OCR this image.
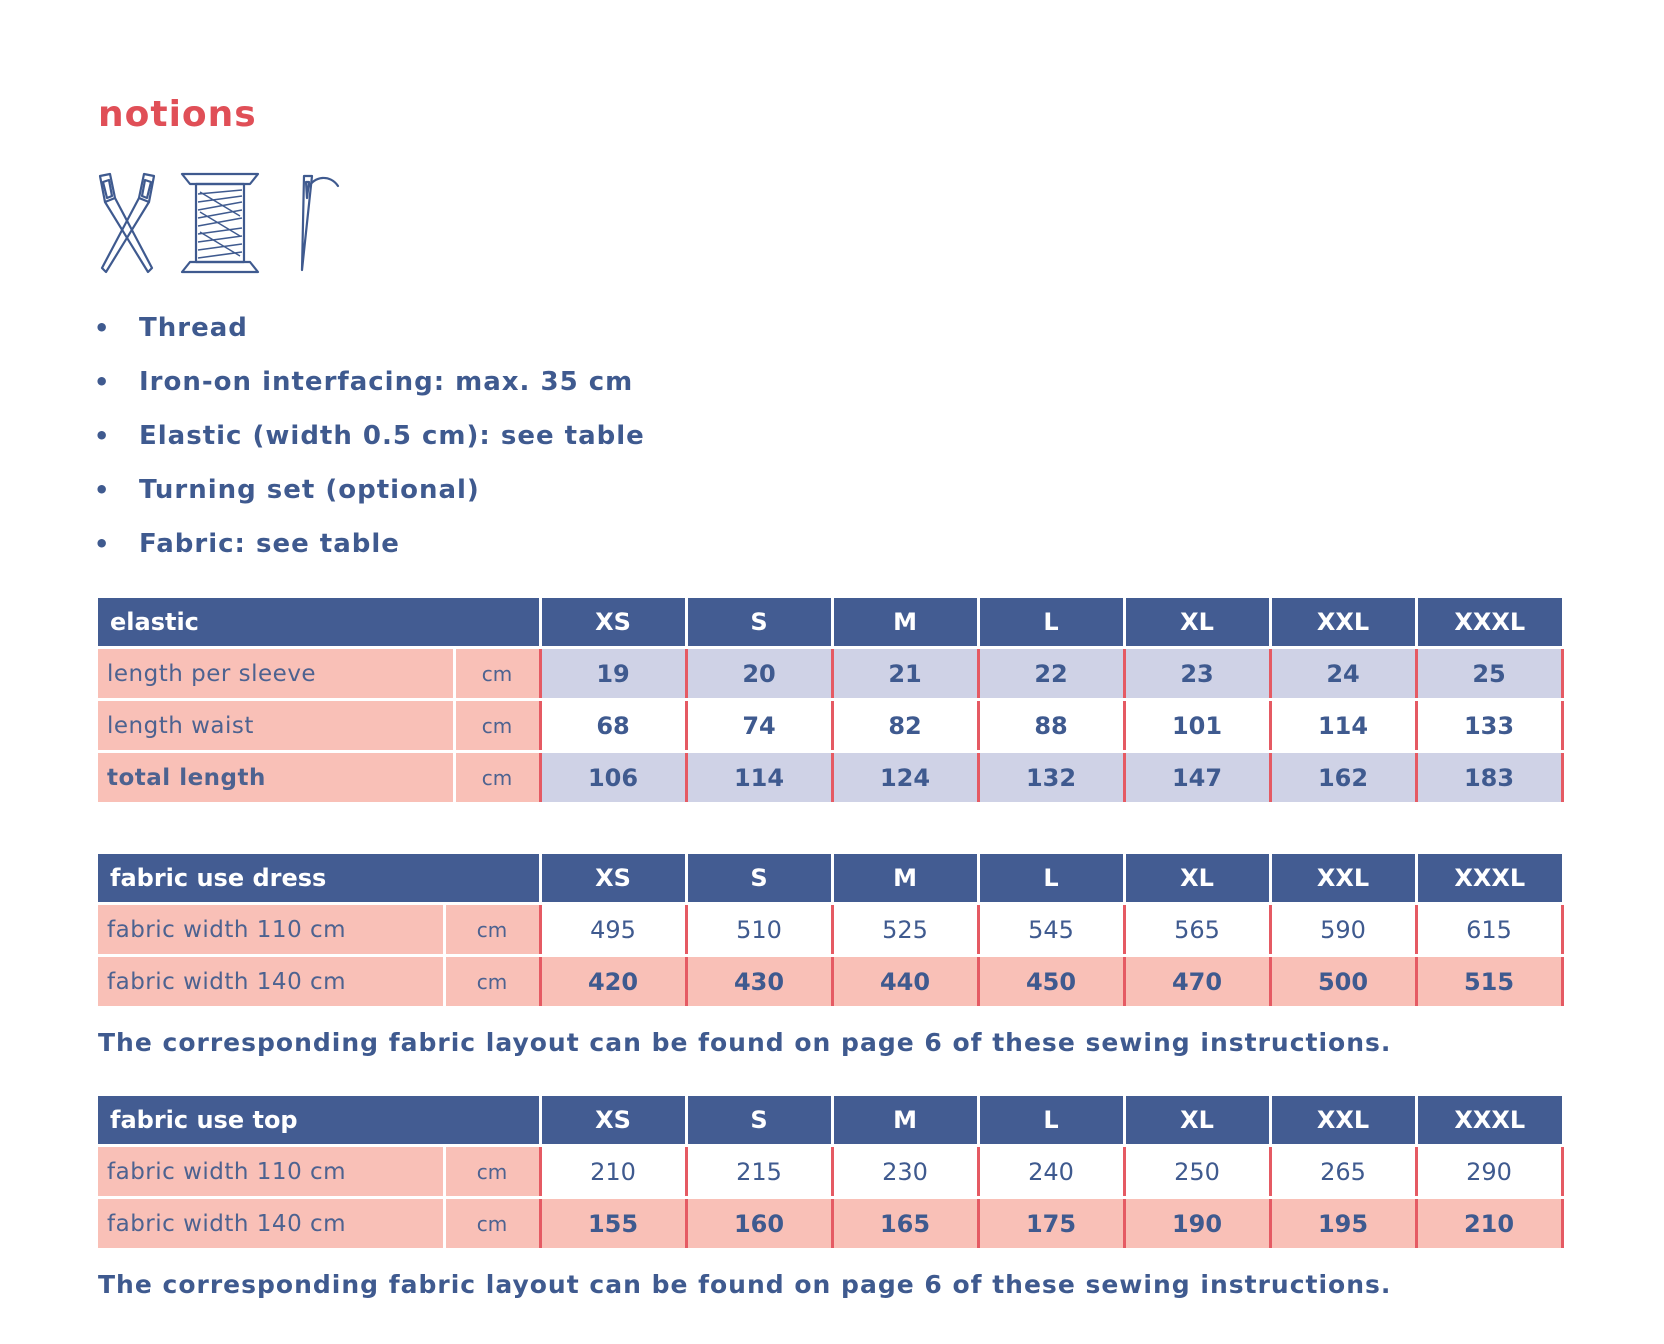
notions
• Thread
• Iron-on interfacing: max. 35 cm
• Elastic (width 0.5 cm): see table
• Turning set (optional)
• Fabric: see table
elastic		XS	S	M	L	XL	XXL	XXXL
length per sleeve	cm	19	20	21	22	23	24	25
length waist	cm	68	74	82	88	101	114	133
total length	cm	106	114	124	132	147	162	183
fabric use dress		XS	S	M	L	XL	XXL	XXXL
fabric width 110 cm	cm	495	510	525	545	565	590	615
fabric width 140 cm	cm	420	430	440	450	470	500	515

The corresponding fabric layout can be found on page 6 of these sewing instructions.

fabric use top		XS	S	M	L	XL	XXL	XXXL
fabric width 110 cm	cm	210	215	230	240	250	265	290
fabric width 140 cm	cm	155	160	165	175	190	195	210

The corresponding fabric layout can be found on page 6 of these sewing instructions.
